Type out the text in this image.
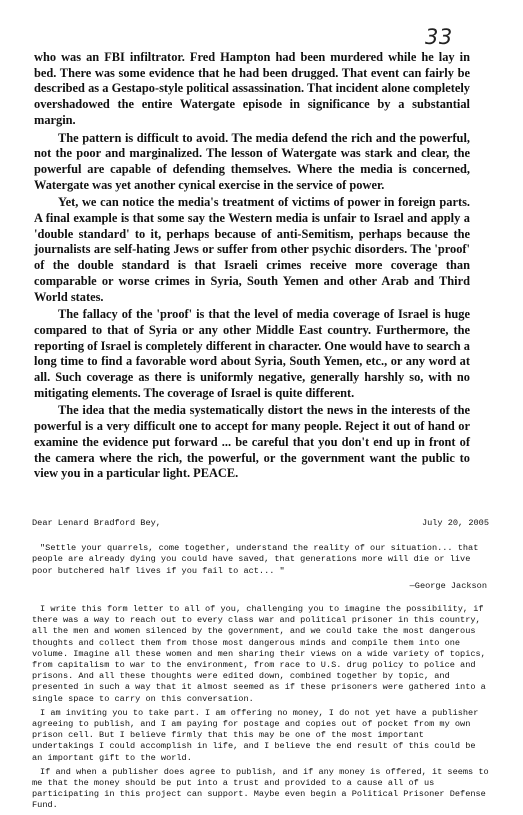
33

who was an FBI infiltrator. Fred Hampton had been murdered while he lay in bed. There was some evidence that he had been drugged. That event can fairly be described as a Gestapo-style political assassination. That incident alone completely overshadowed the entire Watergate episode in significance by a substantial margin.

The pattern is difficult to avoid. The media defend the rich and the powerful, not the poor and marginalized. The lesson of Watergate was stark and clear, the powerful are capable of defending themselves. Where the media is concerned, Watergate was yet another cynical exercise in the service of power.

Yet, we can notice the media's treatment of victims of power in foreign parts. A final example is that some say the Western media is unfair to Israel and apply a 'double standard' to it, perhaps because of anti-Semitism, perhaps because the journalists are self-hating Jews or suffer from other psychic disorders. The 'proof' of the double standard is that Israeli crimes receive more coverage than comparable or worse crimes in Syria, South Yemen and other Arab and Third World states.

The fallacy of the 'proof' is that the level of media coverage of Israel is huge compared to that of Syria or any other Middle East country. Furthermore, the reporting of Israel is completely different in character. One would have to search a long time to find a favorable word about Syria, South Yemen, etc., or any word at all. Such coverage as there is uniformly negative, generally harshly so, with no mitigating elements. The coverage of Israel is quite different.

The idea that the media systematically distort the news in the interests of the powerful is a very difficult one to accept for many people. Reject it out of hand or examine the evidence put forward ... be careful that you don't end up in front of the camera where the rich, the powerful, or the government want the public to view you in a particular light. PEACE.

Dear Lenard Bradford Bey,	July 20, 2005

"Settle your quarrels, come together, understand the reality of our situation... that people are already dying you could have saved, that generations more will die or live poor butchered half lives if you fail to act... "

—George Jackson

I write this form letter to all of you, challenging you to imagine the possibility, if there was a way to reach out to every class war and political prisoner in this country, all the men and women silenced by the government, and we could take the most dangerous thoughts and collect them from those most dangerous minds and compile them into one volume. Imagine all these women and men sharing their views on a wide variety of topics, from capitalism to war to the environment, from race to U.S. drug policy to police and prisons. And all these thoughts were edited down, combined together by topic, and presented in such a way that it almost seemed as if these prisoners were gathered into a single space to carry on this conversation.

I am inviting you to take part. I am offering no money, I do not yet have a publisher agreeing to publish, and I am paying for postage and copies out of pocket from my own prison cell. But I believe firmly that this may be one of the most important undertakings I could accomplish in life, and I believe the end result of this could be an important gift to the world.

If and when a publisher does agree to publish, and if any money is offered, it seems to me that the money should be put into a trust and provided to a cause all of us participating in this project can support. Maybe even begin a Political Prisoner Defense Fund.
